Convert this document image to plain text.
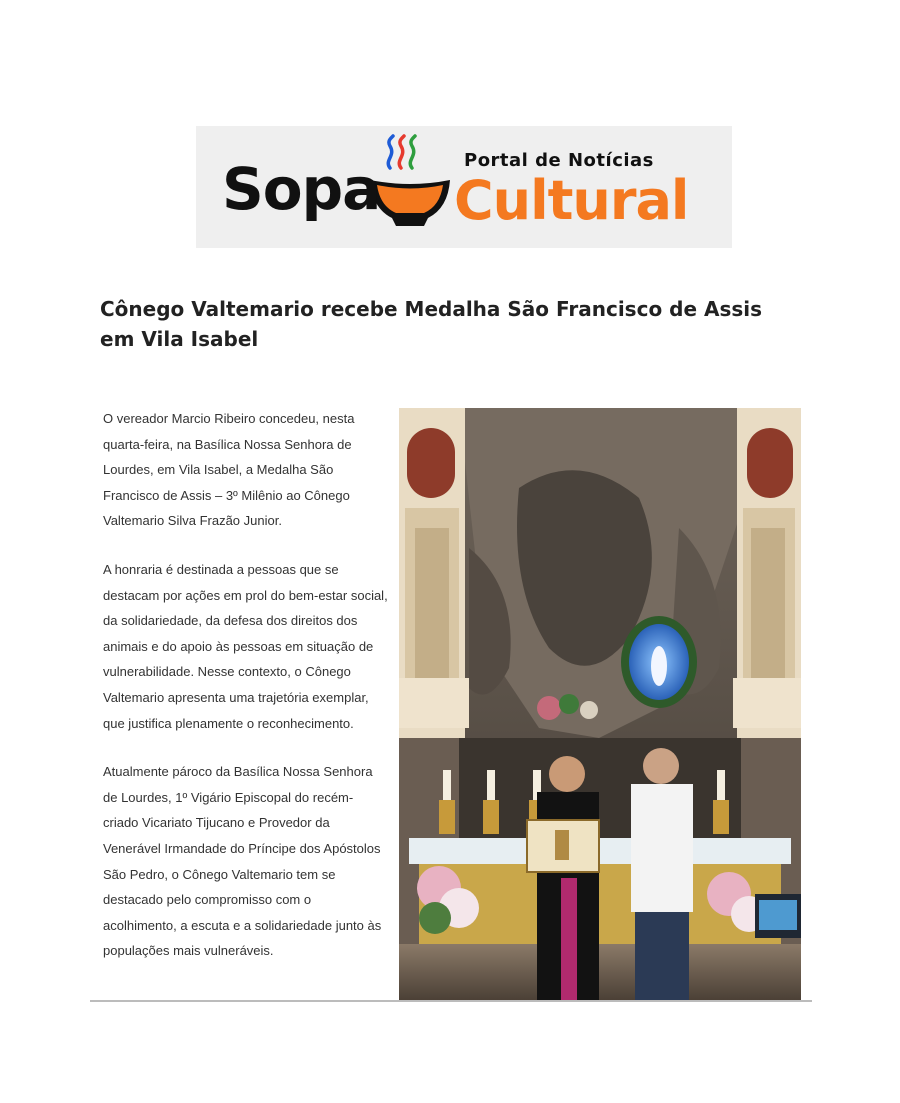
Sopa	Portal de Notícias
Cultural
Cônego Valtemario recebe Medalha São Francisco de Assis em Vila Isabel

O vereador Marcio Ribeiro concedeu, nesta quarta-feira, na Basílica Nossa Senhora de Lourdes, em Vila Isabel, a Medalha São Francisco de Assis – 3º Milênio ao Cônego Valtemario Silva Frazão Junior.

A honraria é destinada a pessoas que se destacam por ações em prol do bem-estar social, da solidariedade, da defesa dos direitos dos animais e do apoio às pessoas em situação de vulnerabilidade. Nesse contexto, o Cônego Valtemario apresenta uma trajetória exemplar, que justifica plenamente o reconhecimento.

Atualmente pároco da Basílica Nossa Senhora de Lourdes, 1º Vigário Episcopal do recém-criado Vicariato Tijucano e Provedor da Venerável Irmandade do Príncipe dos Apóstolos São Pedro, o Cônego Valtemario tem se destacado pelo compromisso com o acolhimento, a escuta e a solidariedade junto às populações mais vulneráveis.
